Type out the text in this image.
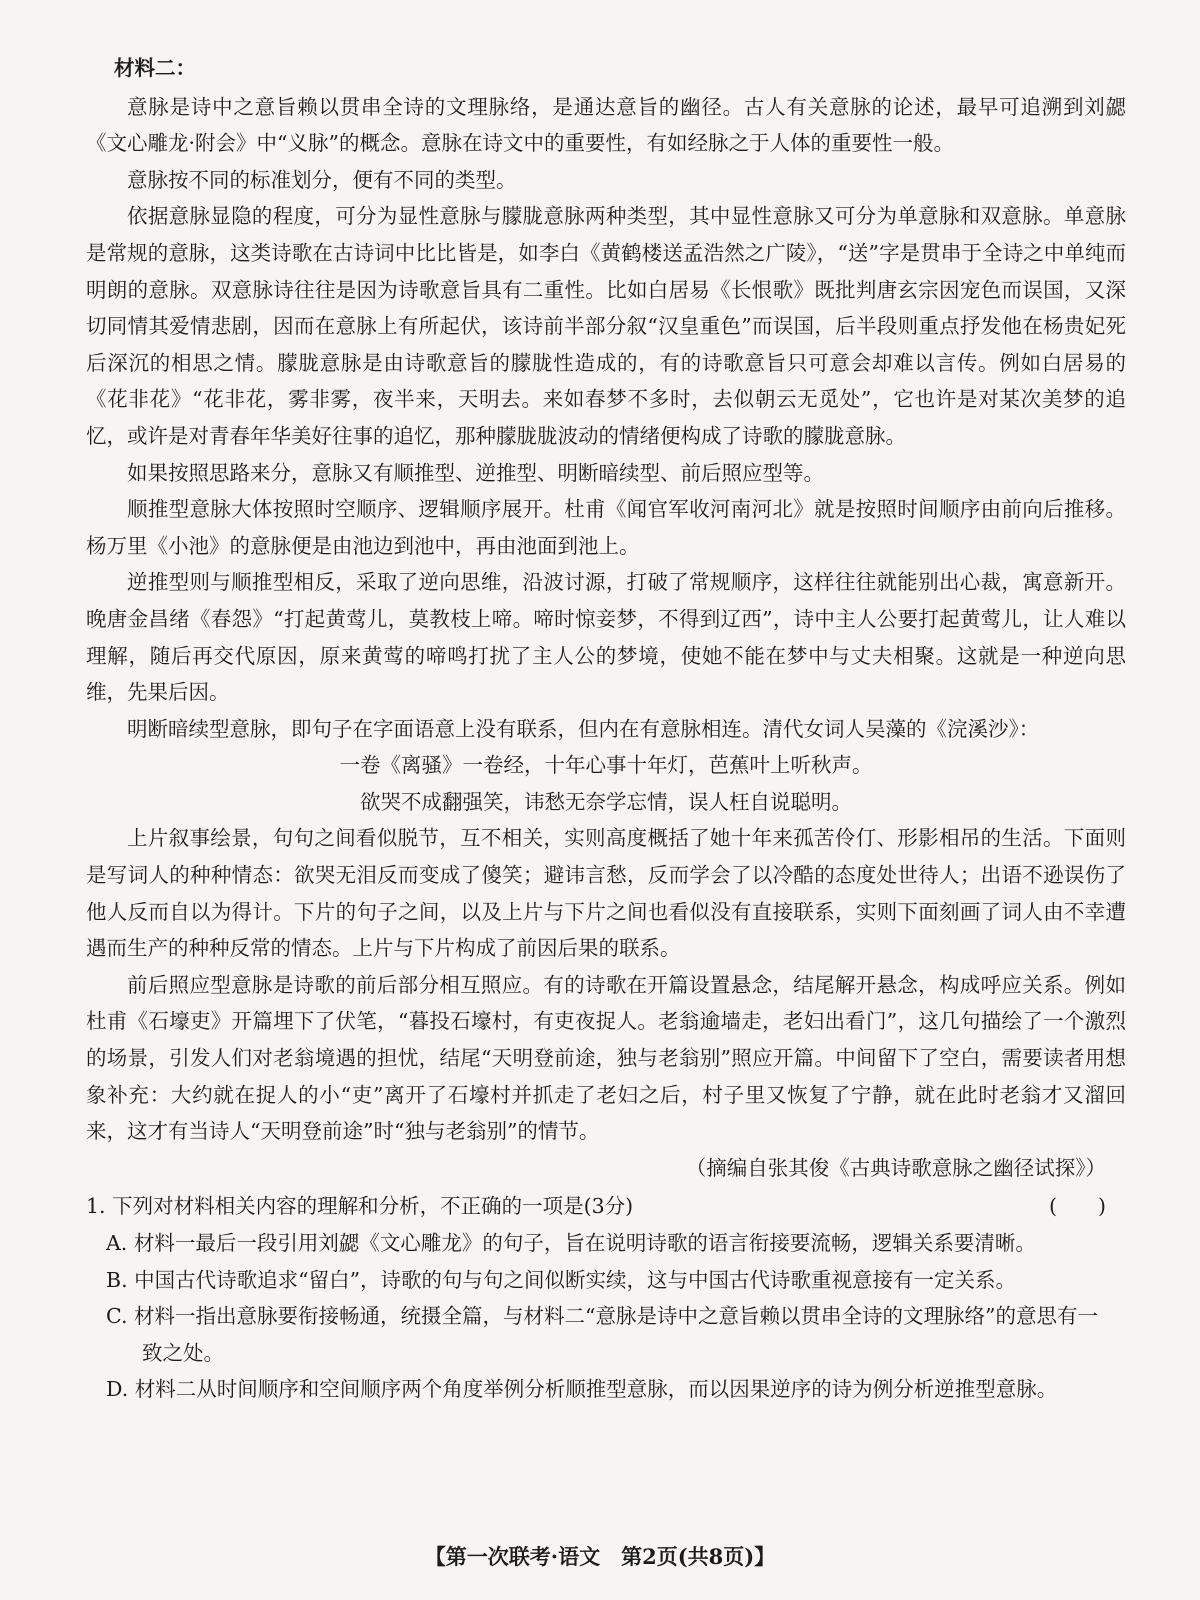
材料二：

意脉是诗中之意旨赖以贯串全诗的文理脉络，是通达意旨的幽径。古人有关意脉的论述，最早可追溯到刘勰《文心雕龙·附会》中“义脉”的概念。意脉在诗文中的重要性，有如经脉之于人体的重要性一般。

意脉按不同的标准划分，便有不同的类型。

依据意脉显隐的程度，可分为显性意脉与朦胧意脉两种类型，其中显性意脉又可分为单意脉和双意脉。单意脉是常规的意脉，这类诗歌在古诗词中比比皆是，如李白《黄鹤楼送孟浩然之广陵》，“送”字是贯串于全诗之中单纯而明朗的意脉。双意脉诗往往是因为诗歌意旨具有二重性。比如白居易《长恨歌》既批判唐玄宗因宠色而误国，又深切同情其爱情悲剧，因而在意脉上有所起伏，该诗前半部分叙“汉皇重色”而误国，后半段则重点抒发他在杨贵妃死后深沉的相思之情。朦胧意脉是由诗歌意旨的朦胧性造成的，有的诗歌意旨只可意会却难以言传。例如白居易的《花非花》“花非花，雾非雾，夜半来，天明去。来如春梦不多时，去似朝云无觅处”，它也许是对某次美梦的追忆，或许是对青春年华美好往事的追忆，那种朦胧胧波动的情绪便构成了诗歌的朦胧意脉。

如果按照思路来分，意脉又有顺推型、逆推型、明断暗续型、前后照应型等。

顺推型意脉大体按照时空顺序、逻辑顺序展开。杜甫《闻官军收河南河北》就是按照时间顺序由前向后推移。杨万里《小池》的意脉便是由池边到池中，再由池面到池上。

逆推型则与顺推型相反，采取了逆向思维，沿波讨源，打破了常规顺序，这样往往就能别出心裁，寓意新开。晚唐金昌绪《春怨》“打起黄莺儿，莫教枝上啼。啼时惊妾梦，不得到辽西”，诗中主人公要打起黄莺儿，让人难以理解，随后再交代原因，原来黄莺的啼鸣打扰了主人公的梦境，使她不能在梦中与丈夫相聚。这就是一种逆向思维，先果后因。

明断暗续型意脉，即句子在字面语意上没有联系，但内在有意脉相连。清代女词人吴藻的《浣溪沙》：

一卷《离骚》一卷经，十年心事十年灯，芭蕉叶上听秋声。

欲哭不成翻强笑，讳愁无奈学忘情，误人枉自说聪明。

上片叙事绘景，句句之间看似脱节，互不相关，实则高度概括了她十年来孤苦伶仃、形影相吊的生活。下面则是写词人的种种情态：欲哭无泪反而变成了傻笑；避讳言愁，反而学会了以冷酷的态度处世待人；出语不逊误伤了他人反而自以为得计。下片的句子之间，以及上片与下片之间也看似没有直接联系，实则下面刻画了词人由不幸遭遇而生产的种种反常的情态。上片与下片构成了前因后果的联系。

前后照应型意脉是诗歌的前后部分相互照应。有的诗歌在开篇设置悬念，结尾解开悬念，构成呼应关系。例如杜甫《石壕吏》开篇埋下了伏笔，“暮投石壕村，有吏夜捉人。老翁逾墙走，老妇出看门”，这几句描绘了一个激烈的场景，引发人们对老翁境遇的担忧，结尾“天明登前途，独与老翁别”照应开篇。中间留下了空白，需要读者用想象补充：大约就在捉人的小“吏”离开了石壕村并抓走了老妇之后，村子里又恢复了宁静，就在此时老翁才又溜回来，这才有当诗人“天明登前途”时“独与老翁别”的情节。

（摘编自张其俊《古典诗歌意脉之幽径试探》）

1. 下列对材料相关内容的理解和分析，不正确的一项是(3分)	(　　)
A. 材料一最后一段引用刘勰《文心雕龙》的句子，旨在说明诗歌的语言衔接要流畅，逻辑关系要清晰。
B. 中国古代诗歌追求“留白”，诗歌的句与句之间似断实续，这与中国古代诗歌重视意接有一定关系。
C. 材料一指出意脉要衔接畅通，统摄全篇，与材料二“意脉是诗中之意旨赖以贯串全诗的文理脉络”的意思有一
致之处。
D. 材料二从时间顺序和空间顺序两个角度举例分析顺推型意脉，而以因果逆序的诗为例分析逆推型意脉。
【第一次联考·语文　第2页(共8页)】
